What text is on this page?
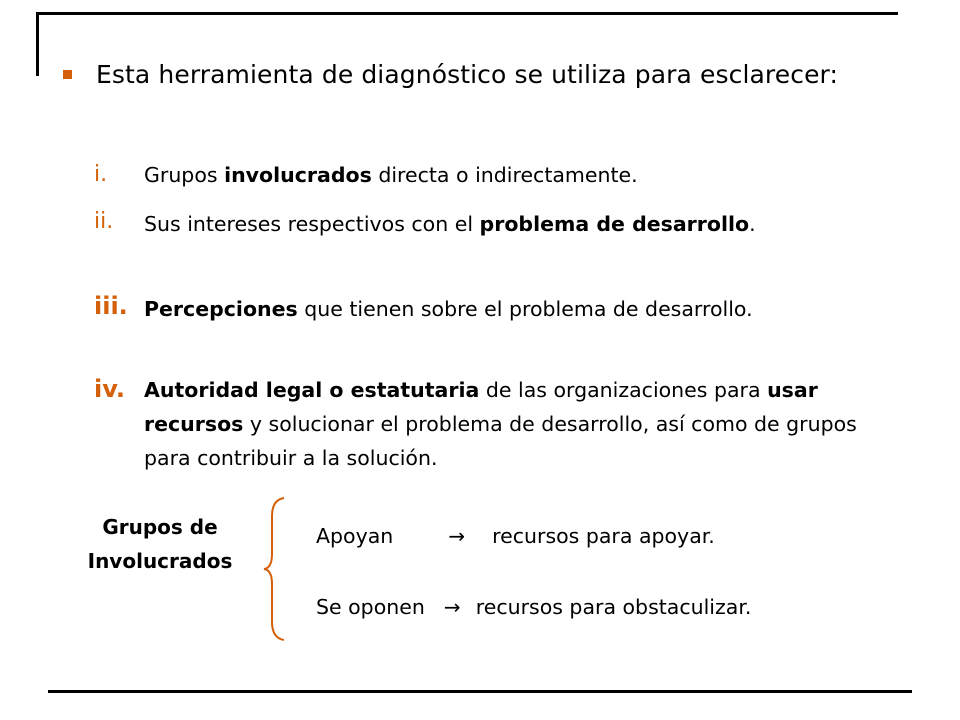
Esta herramienta de diagnóstico se utiliza para esclarecer:
i. Grupos involucrados directa o indirectamente.
ii. Sus intereses respectivos con el problema de desarrollo.
iii. Percepciones que tienen sobre el problema de desarrollo.
iv. Autoridad legal o estatutaria de las organizaciones para usar recursos y solucionar el problema de desarrollo, así como de grupos para contribuir a la solución.
Grupos de
Involucrados
Apoyan	→ recursos para apoyar.
Se oponen → recursos para obstaculizar.
